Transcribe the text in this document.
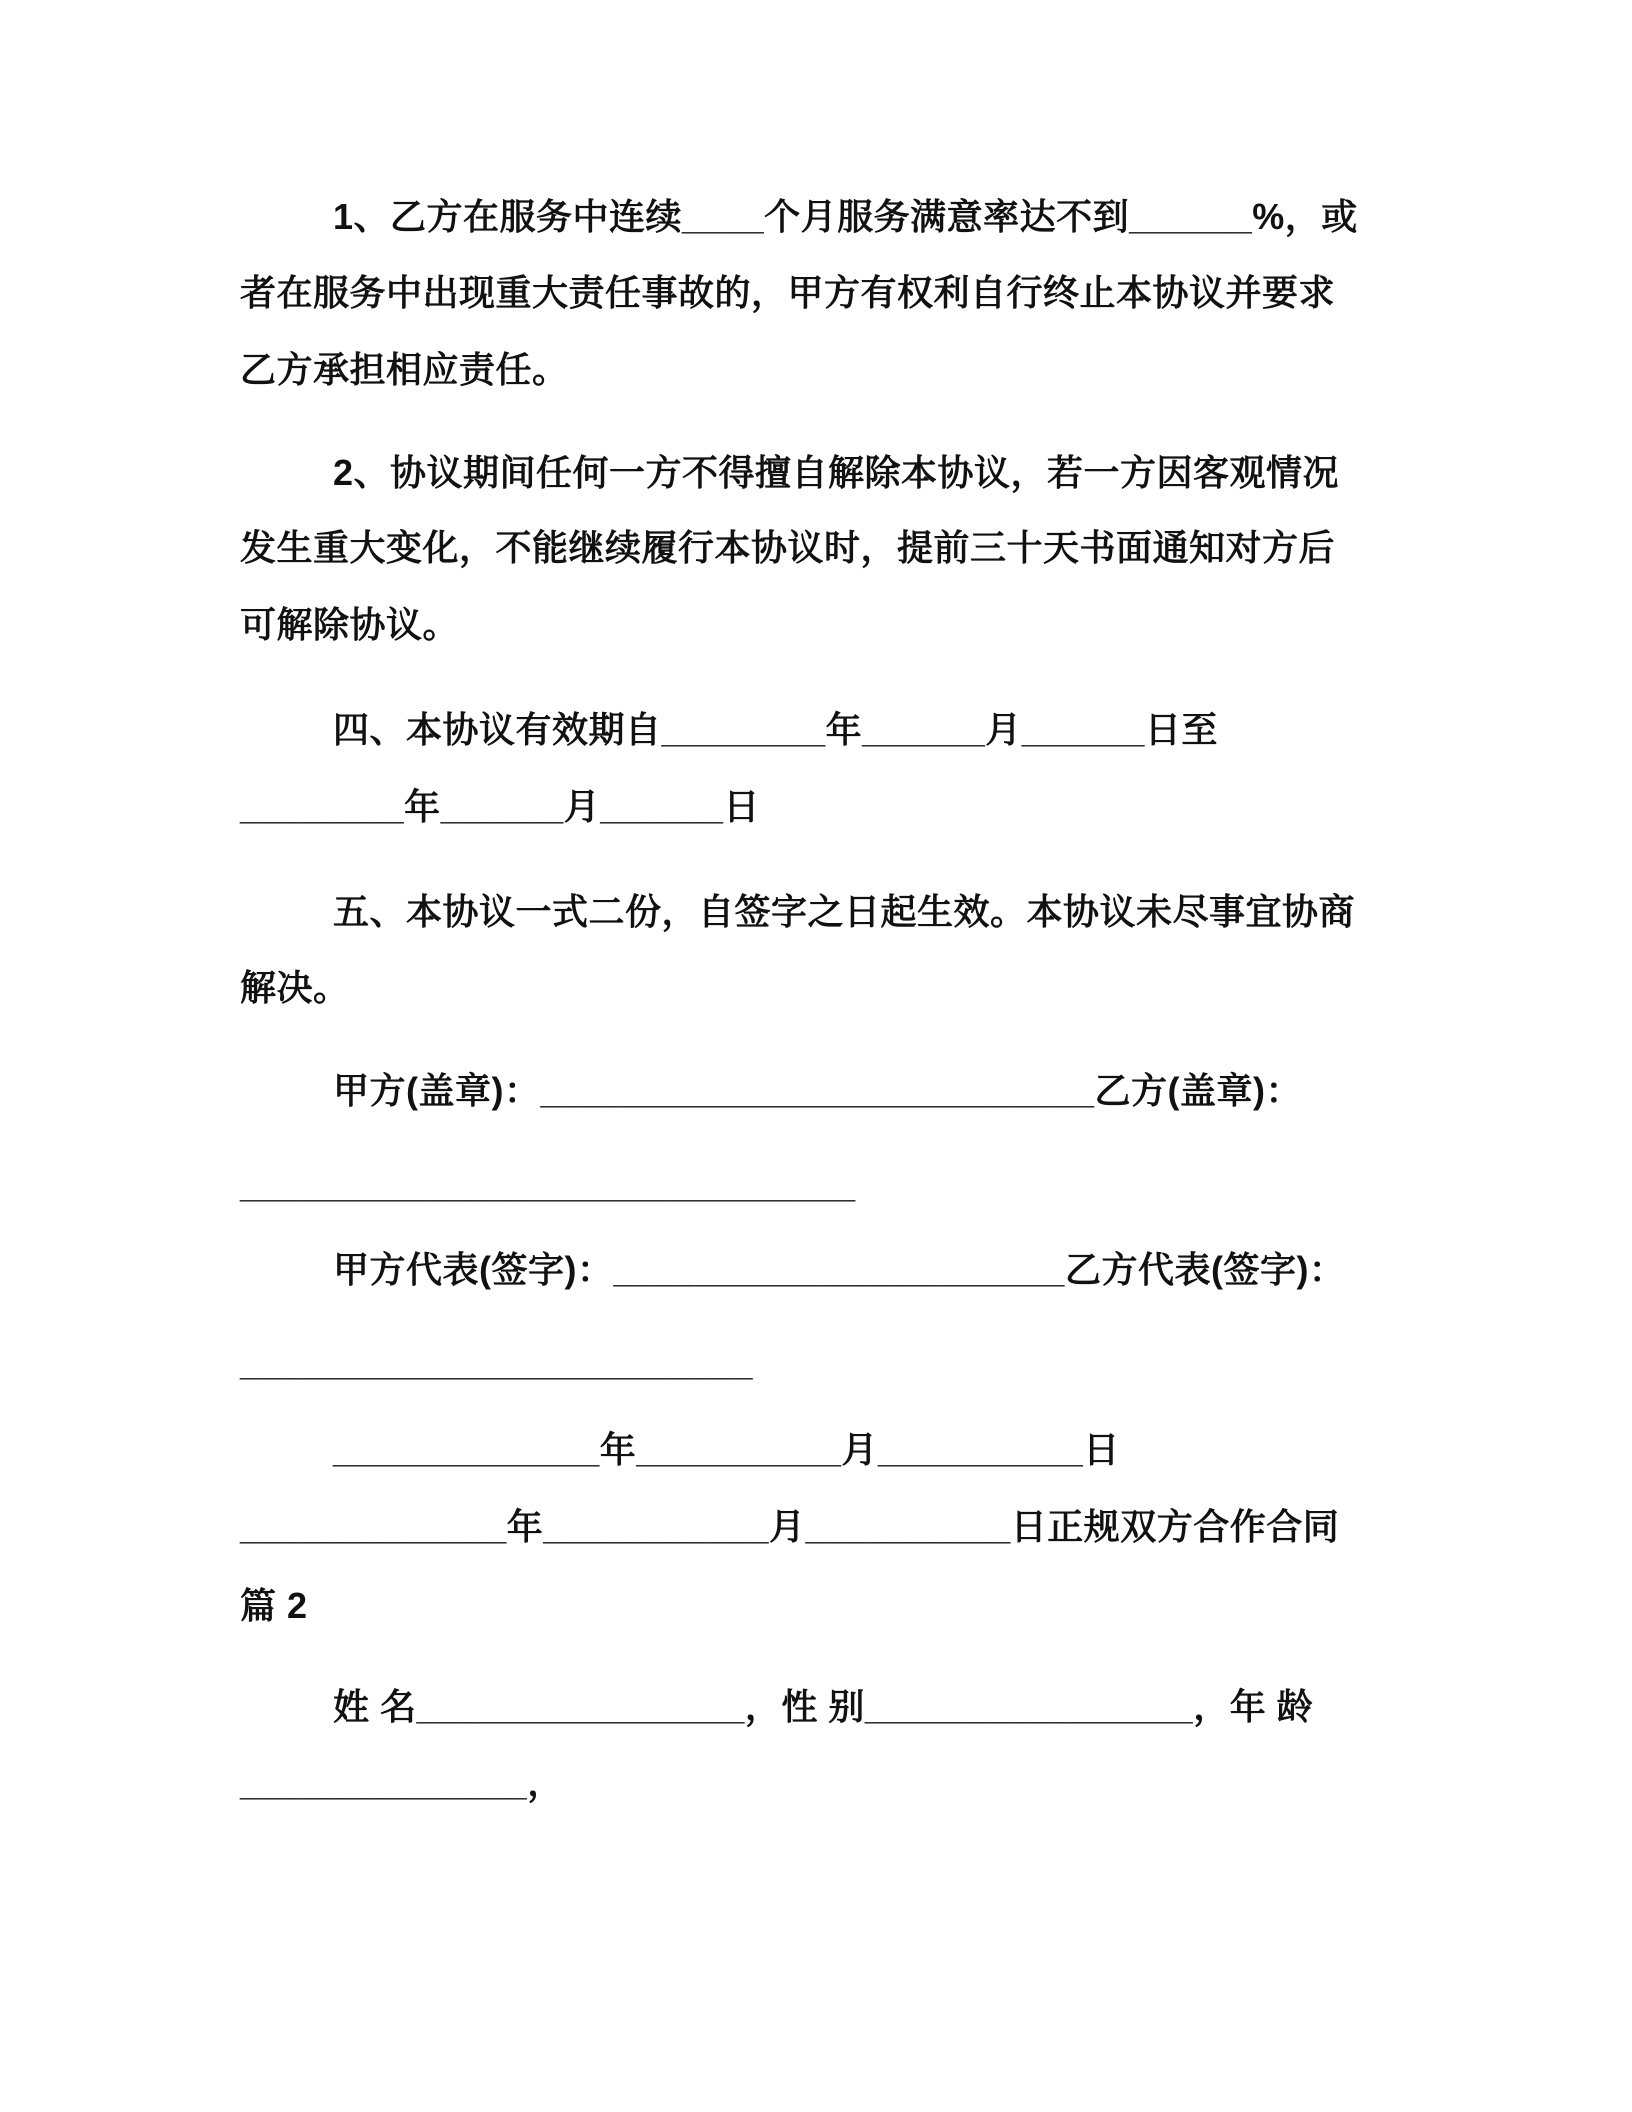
1、乙方在服务中连续____个月服务满意率达不到______%，或
者在服务中出现重大责任事故的，甲方有权利自行终止本协议并要求
乙方承担相应责任。
2、协议期间任何一方不得擅自解除本协议，若一方因客观情况
发生重大变化，不能继续履行本协议时，提前三十天书面通知对方后
可解除协议。
四、本协议有效期自________年______月______日至
________年______月______日
五、本协议一式二份，自签字之日起生效。本协议未尽事宜协商
解决。
甲方(盖章)：___________________________乙方(盖章)：
______________________________
甲方代表(签字)：______________________乙方代表(签字)：
_________________________
_____________年__________月__________日
_____________年___________月__________日正规双方合作合同
篇 2
姓 名________________，性 别________________，年 龄
______________，
